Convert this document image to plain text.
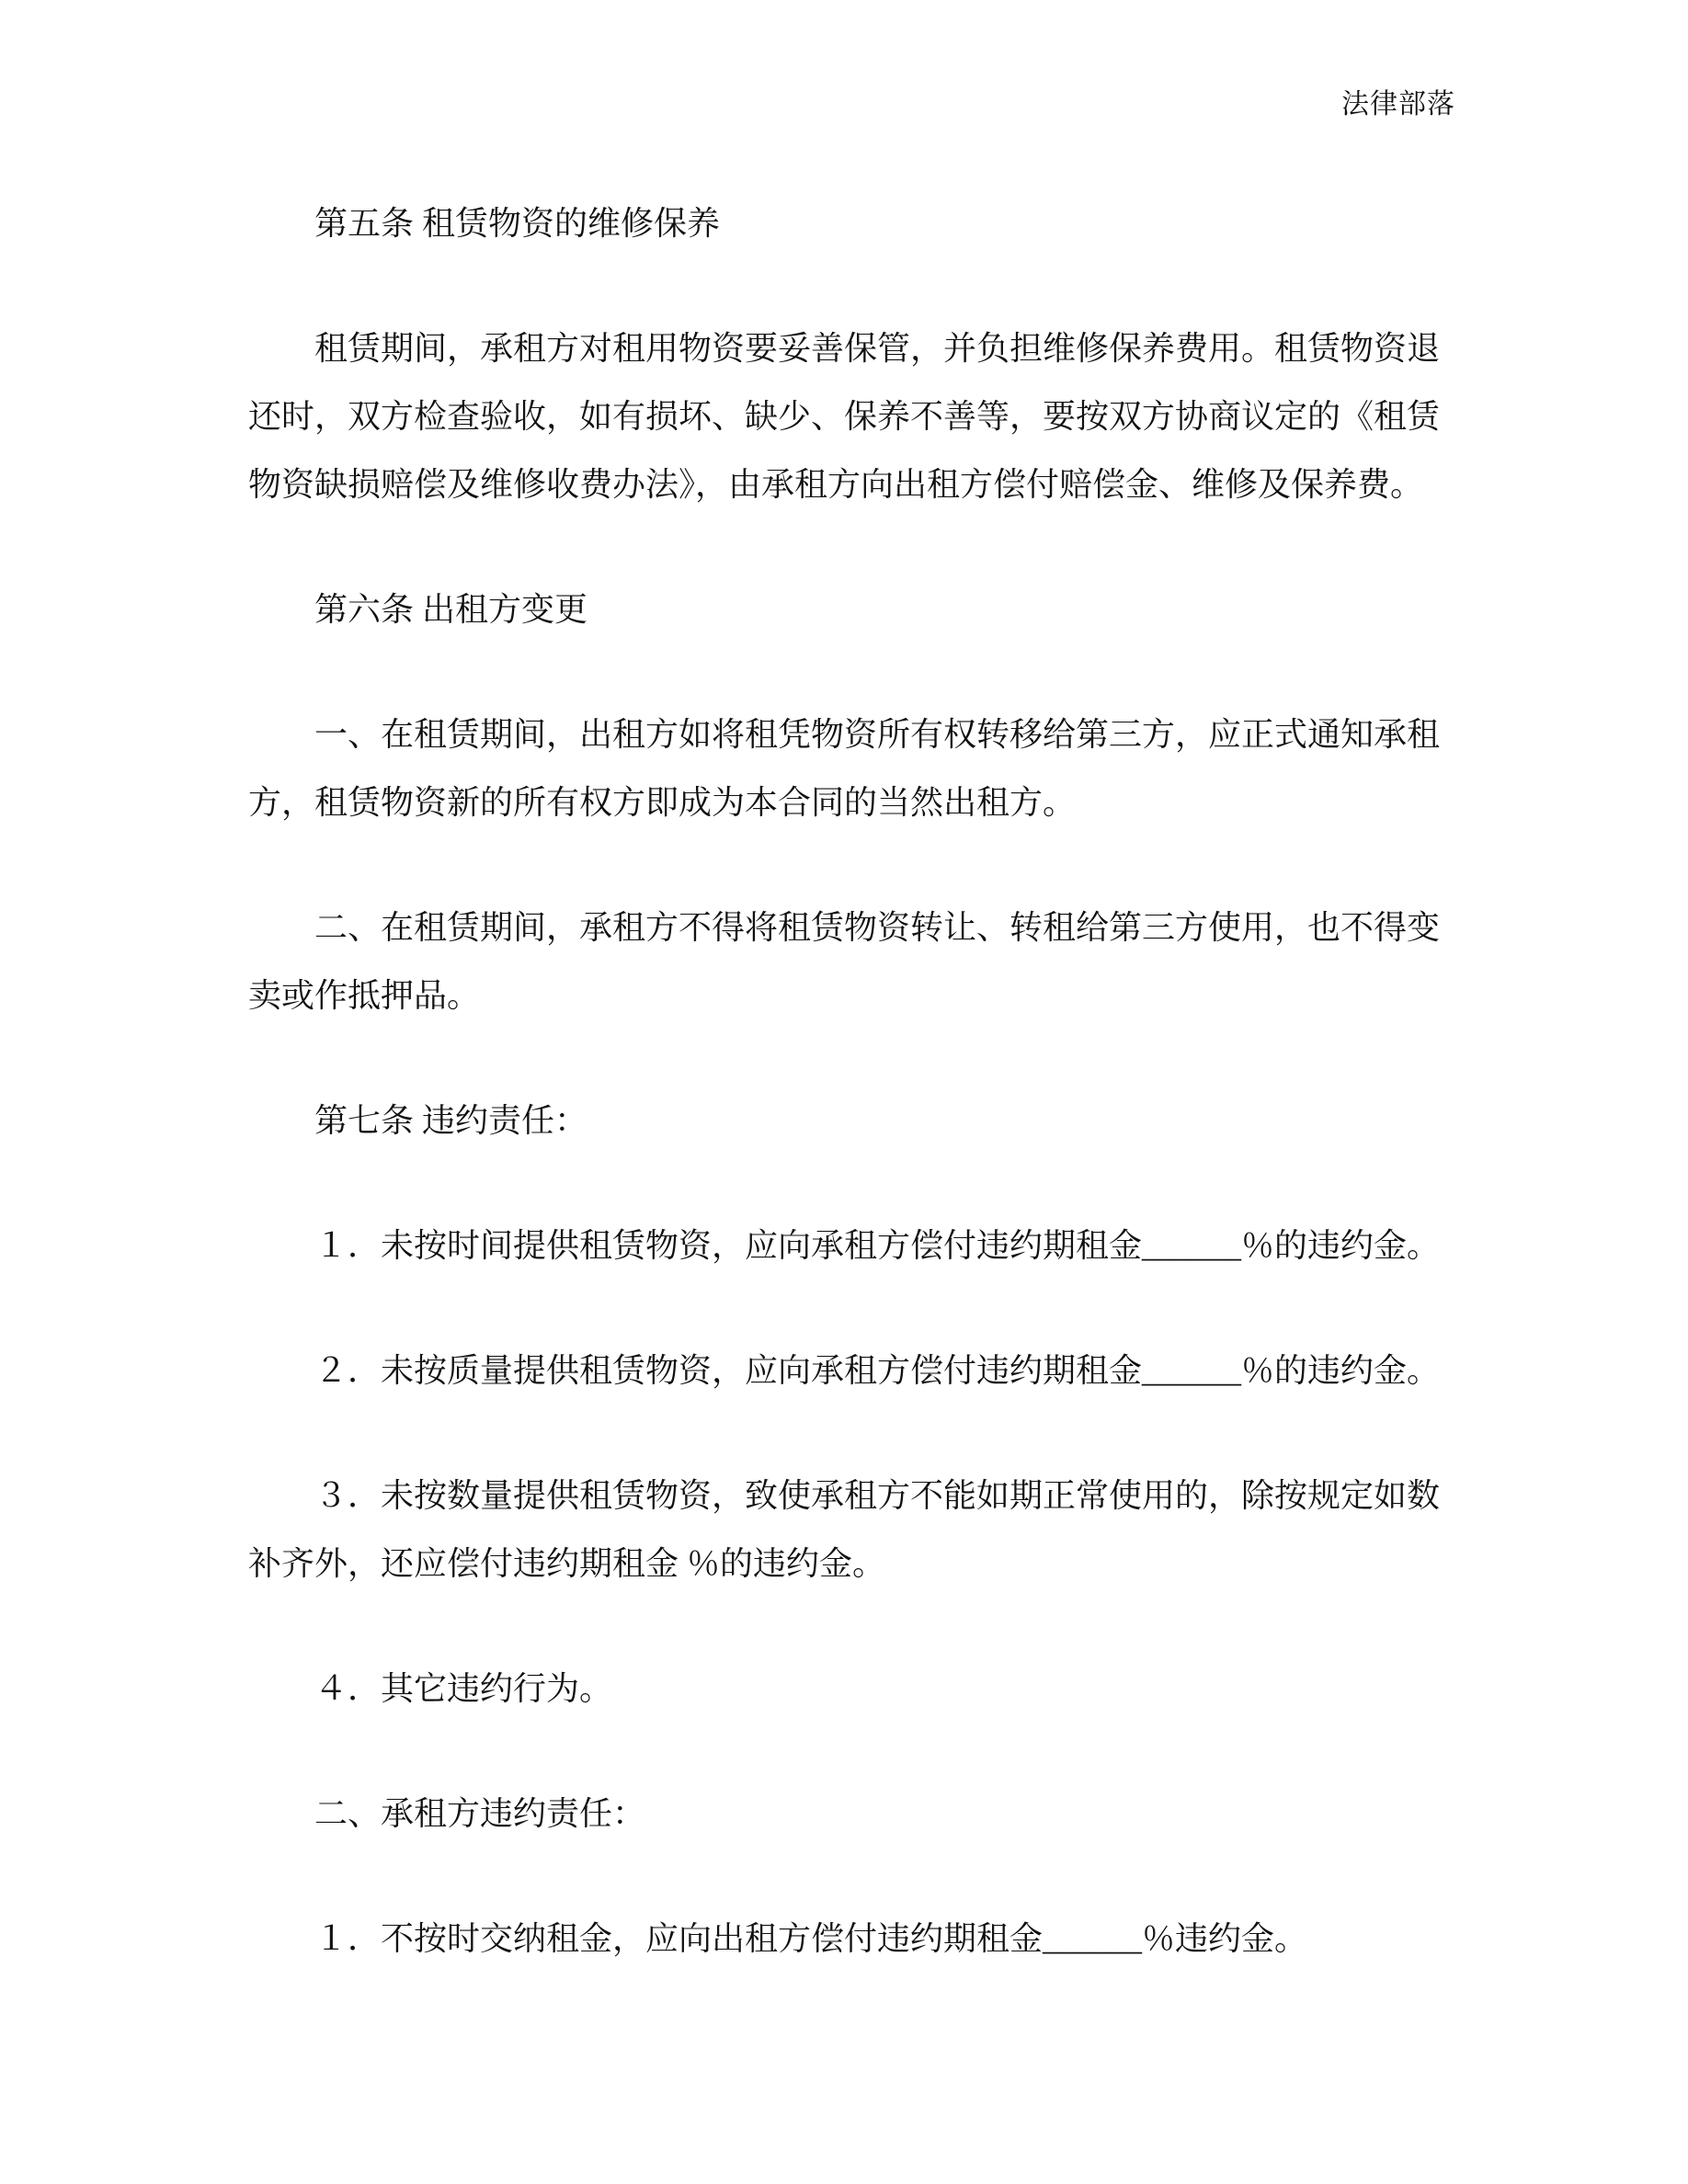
法律部落

第五条 租赁物资的维修保养

租赁期间，承租方对租用物资要妥善保管，并负担维修保养费用。租赁物资退还时，双方检查验收，如有损坏、缺少、保养不善等，要按双方协商议定的《租赁物资缺损赔偿及维修收费办法》，由承租方向出租方偿付赔偿金、维修及保养费。

第六条 出租方变更

一、在租赁期间，出租方如将租凭物资所有权转移给第三方，应正式通知承租方，租赁物资新的所有权方即成为本合同的当然出租方。

二、在租赁期间，承租方不得将租赁物资转让、转租给第三方使用，也不得变卖或作抵押品。

第七条 违约责任：

１．未按时间提供租赁物资，应向承租方偿付违约期租金______％的违约金。

２．未按质量提供租赁物资，应向承租方偿付违约期租金______％的违约金。

３．未按数量提供租赁物资，致使承租方不能如期正常使用的，除按规定如数补齐外，还应偿付违约期租金 ％的违约金。

４．其它违约行为。

二、承租方违约责任：

１．不按时交纳租金，应向出租方偿付违约期租金______％违约金。
